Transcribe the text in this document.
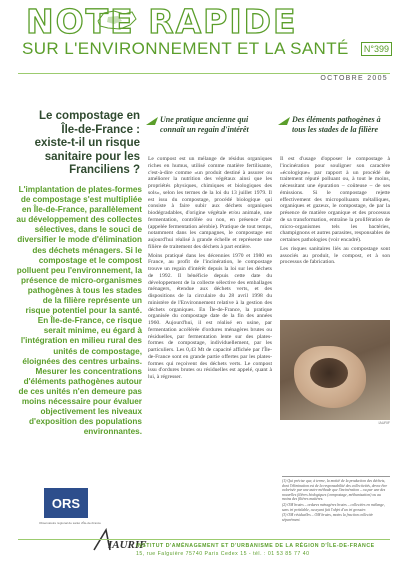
NOTE RAPIDE
SUR L'ENVIRONNEMENT ET LA SANTÉ	N°399
OCTOBRE 2005
Le compostage en Île-de-France : existe-t-il un risque sanitaire pour les Franciliens ?
L'implantation de plates-formes de compostage s'est multipliée en Île-de-France, parallèlement au développement des collectes sélectives, dans le souci de diversifier le mode d'élimination des déchets ménagers. Si le compostage et le compost polluent peu l'environnement, la présence de micro-organismes pathogènes à tous les stades de la filière représente un risque potentiel pour la santé. En Île-de-France, ce risque serait minime, eu égard à l'intégration en milieu rural des unités de compostage, éloignées des centres urbains. Mesurer les concentrations d'éléments pathogènes autour de ces unités n'en demeure pas moins nécessaire pour évaluer objectivement les niveaux d'exposition des populations environnantes.
ORS
Observatoire régional de santé d'Île-de-France
IAURIF
Une pratique ancienne qui connaît un regain d'intérêt

Le compost est un mélange de résidus organiques riches en humus, utilisé comme matière fertilisante, c'est-à-dire comme «un produit destiné à assurer ou améliorer la nutrition des végétaux ainsi que les propriétés physiques, chimiques et biologiques des sols», selon les termes de la loi du 13 juillet 1979. Il est issu du compostage, procédé biologique qui consiste à faire subir aux déchets organiques biodégradables, d'origine végétale et/ou animale, une fermentation, contrôlée ou non, en présence d'air (appelée fermentation aérobie). Pratique de tout temps, notamment dans les campagnes, le compostage est aujourd'hui réalisé à grande échelle et représente une filière de traitement des déchets à part entière.

Moins pratiqué dans les décennies 1970 et 1980 en France, au profit de l'incinération, le compostage trouve un regain d'intérêt depuis la loi sur les déchets de 1992. Il bénéficie depuis cette date du développement de la collecte sélective des emballages ménagers, étendue aux déchets verts, et des dispositions de la circulaire du 28 avril 1998 du ministère de l'Environnement relative à la gestion des déchets organiques. En Île-de-France, la pratique organisée du compostage date de la fin des années 1960. Aujourd'hui, il est réalisé en usine, par fermentation accélérée d'ordures ménagères brutes ou résiduelles, par fermentation lente sur des plates-formes de compostage, individuellement, par les particuliers. Les 0,43 Mt de capacité affichée par l'Île-de-France sont en grande partie offertes par les plates-formes qui reçoivent des déchets verts. Le compost issu d'ordures brutes ou résiduelles est appelé, quant à lui, à régresser.

Des éléments pathogènes à tous les stades de la filière

Il est d'usage d'opposer le compostage à l'incinération pour souligner son caractère «écologique» par rapport à un procédé de traitement réputé polluant ou, à tout le moins, nécessitant une épuration – coûteuse – de ses émissions. Si le compostage rejette effectivement des micropolluants métalliques, organiques et gazeux, le compostage, de par la présence de matière organique et des processus de sa transformation, entraîne la prolifération de micro-organismes tels les bactéries, champignons et autres parasites, responsables de certaines pathologies (voir encadré).

Les risques sanitaires liés au compostage sont associés au produit, le compost, et à son processus de fabrication.

IAURIF

(1) Qui précise que, à terme, la moitié de la production des déchets, dont l'élimination est de la responsabilité des collectivités, devra être valorisée par une autre méthode que l'incinération – ou par une des nouvelles filières biologiques (compostage, méthanisation) ou au moins des filières matières.

(2) OM brutes – ordures ménagères brutes – collectées en mélange, sans tri préalable, ou ayant fait l'objet d'un tri grossier.

(3) OM résiduelles – OM brutes, moins la fraction collectée séparément.

INSTITUT D'AMÉNAGEMENT ET D'URBANISME DE LA RÉGION D'ÎLE-DE-FRANCE
15, rue Falguière 75740 Paris Cedex 15 - tél. : 01 53 85 77 40
